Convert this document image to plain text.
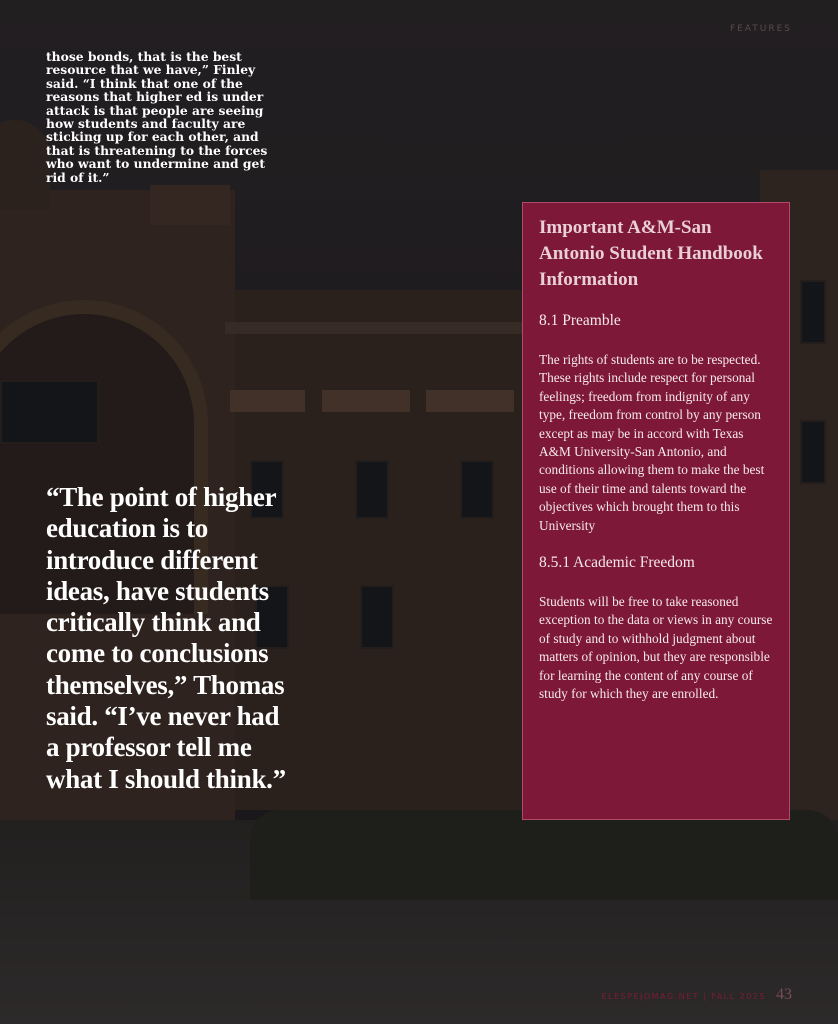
FEATURES
those bonds, that is the best resource that we have,” Finley said. “I think that one of the reasons that higher ed is under attack is that people are seeing how students and faculty are sticking up for each other, and that is threatening to the forces who want to undermine and get rid of it.”
“The point of higher education is to introduce different ideas, have students critically think and come to conclusions themselves,” Thomas said. “I’ve never had a professor tell me what I should think.”
Important A&M-San Antonio Student Handbook Information
8.1 Preamble
The rights of students are to be respected. These rights include respect for personal feelings; freedom from indignity of any type, freedom from control by any person except as may be in accord with Texas A&M University-San Antonio, and conditions allowing them to make the best use of their time and talents toward the objectives which brought them to this University
8.5.1 Academic Freedom
Students will be free to take reasoned exception to the data or views in any course of study and to withhold judgment about matters of opinion, but they are responsible for learning the content of any course of study for which they are enrolled.
ELESPEJOMAG.NET | FALL 2025 43
